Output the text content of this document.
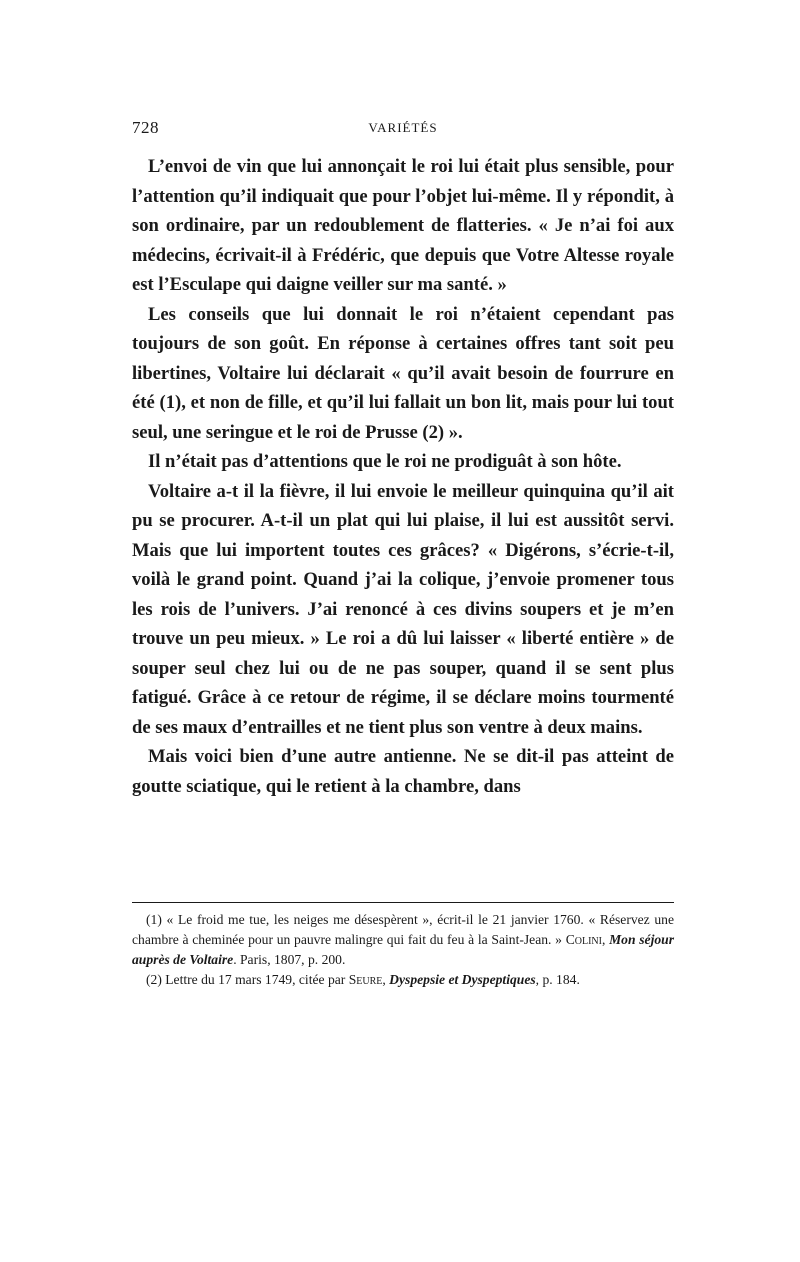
728	VARIÉTÉS

L’envoi de vin que lui annonçait le roi lui était plus sensible, pour l’attention qu’il indiquait que pour l’objet lui-même. Il y répondit, à son ordinaire, par un redoublement de flatteries. « Je n’ai foi aux médecins, écrivait-il à Frédéric, que depuis que Votre Altesse royale est l’Esculape qui daigne veiller sur ma santé. »

Les conseils que lui donnait le roi n’étaient cependant pas toujours de son goût. En réponse à certaines offres tant soit peu libertines, Voltaire lui déclarait « qu’il avait besoin de fourrure en été (1), et non de fille, et qu’il lui fallait un bon lit, mais pour lui tout seul, une seringue et le roi de Prusse (2) ».

Il n’était pas d’attentions que le roi ne prodiguât à son hôte.

Voltaire a-t il la fièvre, il lui envoie le meilleur quinquina qu’il ait pu se procurer. A-t-il un plat qui lui plaise, il lui est aussitôt servi. Mais que lui importent toutes ces grâces? « Digérons, s’écrie-t-il, voilà le grand point. Quand j’ai la colique, j’envoie promener tous les rois de l’univers. J’ai renoncé à ces divins soupers et je m’en trouve un peu mieux. » Le roi a dû lui laisser « liberté entière » de souper seul chez lui ou de ne pas souper, quand il se sent plus fatigué. Grâce à ce retour de régime, il se déclare moins tourmenté de ses maux d’entrailles et ne tient plus son ventre à deux mains.

Mais voici bien d’une autre antienne. Ne se dit-il pas atteint de goutte sciatique, qui le retient à la chambre, dans

(1) « Le froid me tue, les neiges me désespèrent », écrit-il le 21 janvier 1760. « Réservez une chambre à cheminée pour un pauvre malingre qui fait du feu à la Saint-Jean. » Colini, Mon séjour auprès de Voltaire. Paris, 1807, p. 200.

(2) Lettre du 17 mars 1749, citée par Seure, Dyspepsie et Dyspeptiques, p. 184.
